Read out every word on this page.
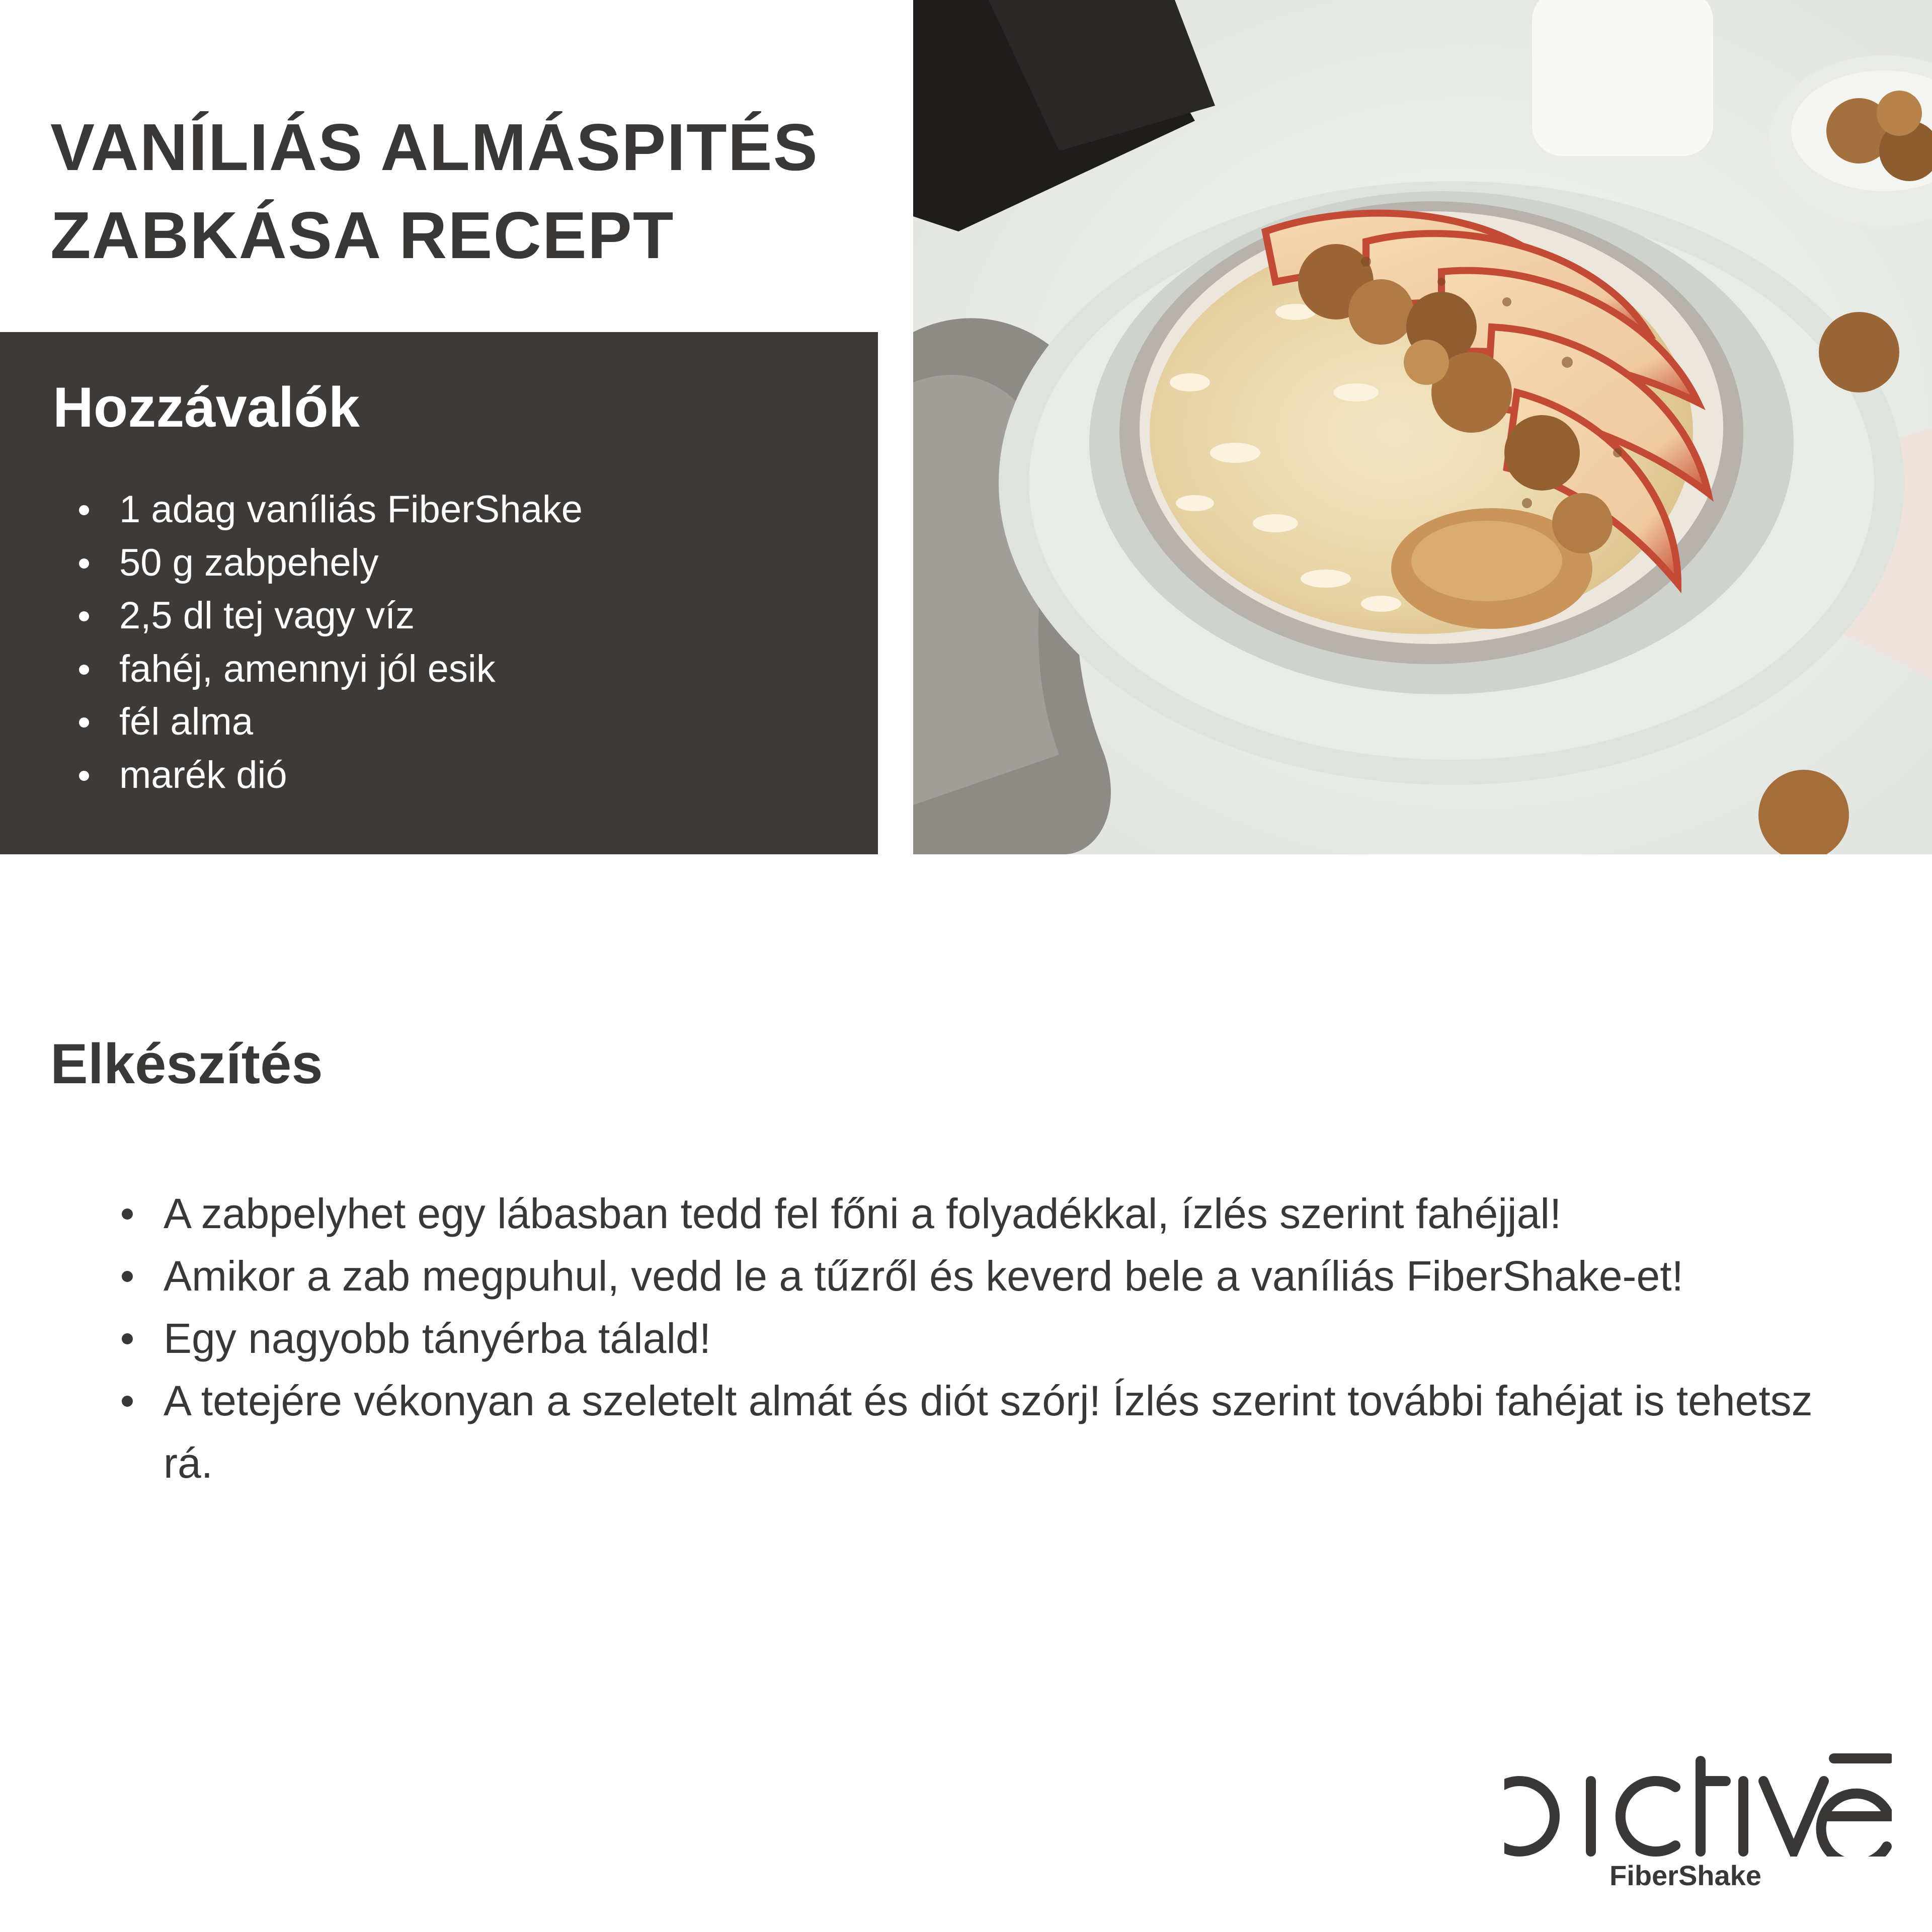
VANÍLIÁS ALMÁSPITÉS
ZABKÁSA RECEPT
Hozzávalók
1 adag vaníliás FiberShake
50 g zabpehely
2,5 dl tej vagy víz
fahéj, amennyi jól esik
fél alma
marék dió
Elkészítés
A zabpelyhet egy lábasban tedd fel főni a folyadékkal, ízlés szerint fahéjjal!
Amikor a zab megpuhul, vedd le a tűzről és keverd bele a vaníliás FiberShake-et!
Egy nagyobb tányérba tálald!
A tetejére vékonyan a szeletelt almát és diót szórj! Ízlés szerint további fahéjat is tehetsz rá.
FiberShake
